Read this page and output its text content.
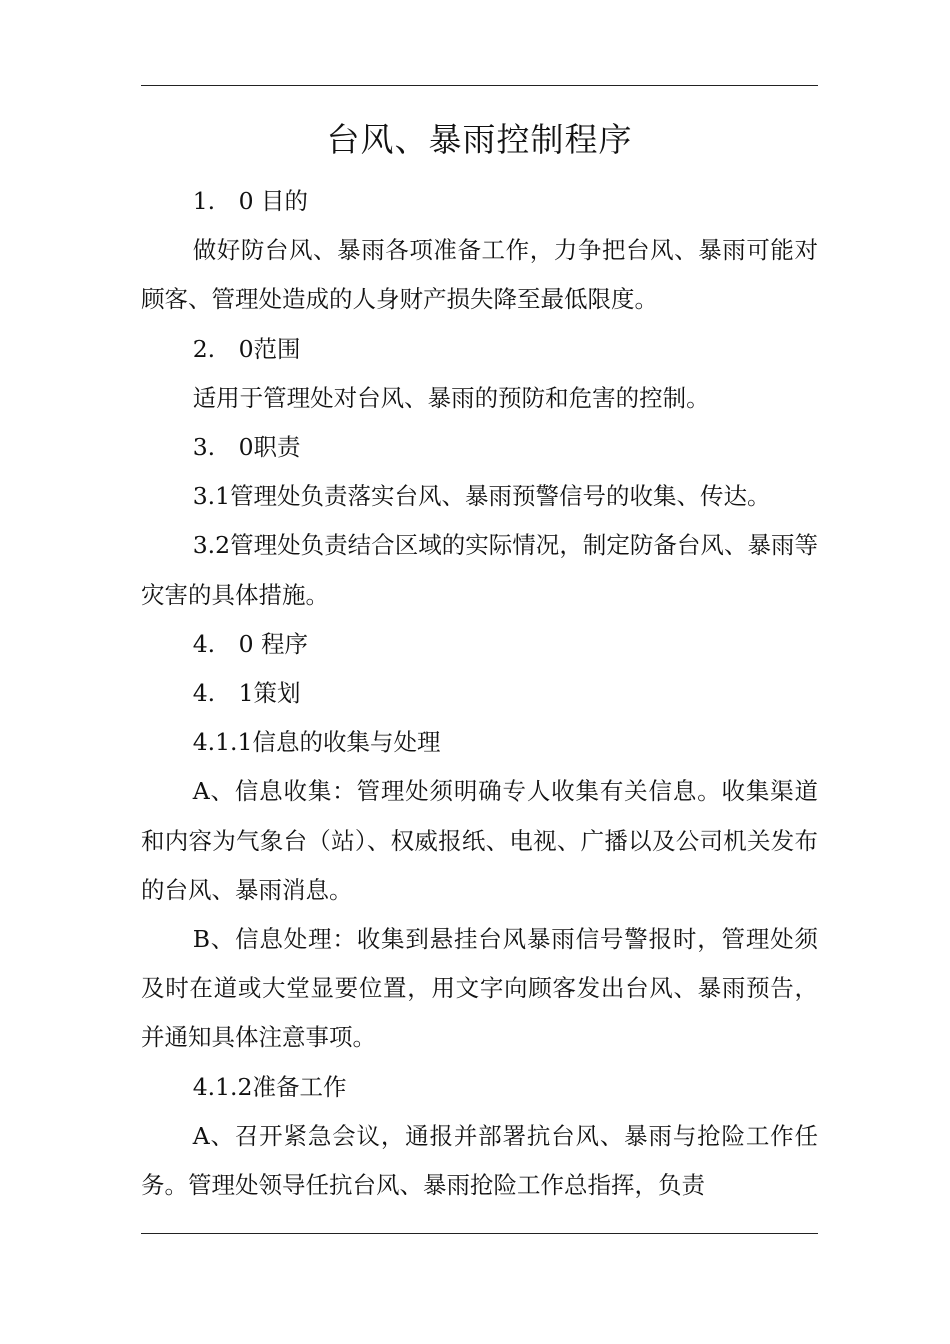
台风、暴雨控制程序

1.　0 目的

做好防台风、暴雨各项准备工作，力争把台风、暴雨可能对顾客、管理处造成的人身财产损失降至最低限度。

2.　0范围

适用于管理处对台风、暴雨的预防和危害的控制。

3.　0职责

3.1管理处负责落实台风、暴雨预警信号的收集、传达。

3.2管理处负责结合区域的实际情况，制定防备台风、暴雨等灾害的具体措施。

4.　0 程序

4.　1策划

4.1.1信息的收集与处理

A、信息收集：管理处须明确专人收集有关信息。收集渠道和内容为气象台（站）、权威报纸、电视、广播以及公司机关发布的台风、暴雨消息。

B、信息处理：收集到悬挂台风暴雨信号警报时，管理处须及时在道或大堂显要位置，用文字向顾客发出台风、暴雨预告，并通知具体注意事项。

4.1.2准备工作

A、召开紧急会议，通报并部署抗台风、暴雨与抢险工作任务。管理处领导任抗台风、暴雨抢险工作总指挥，负责
